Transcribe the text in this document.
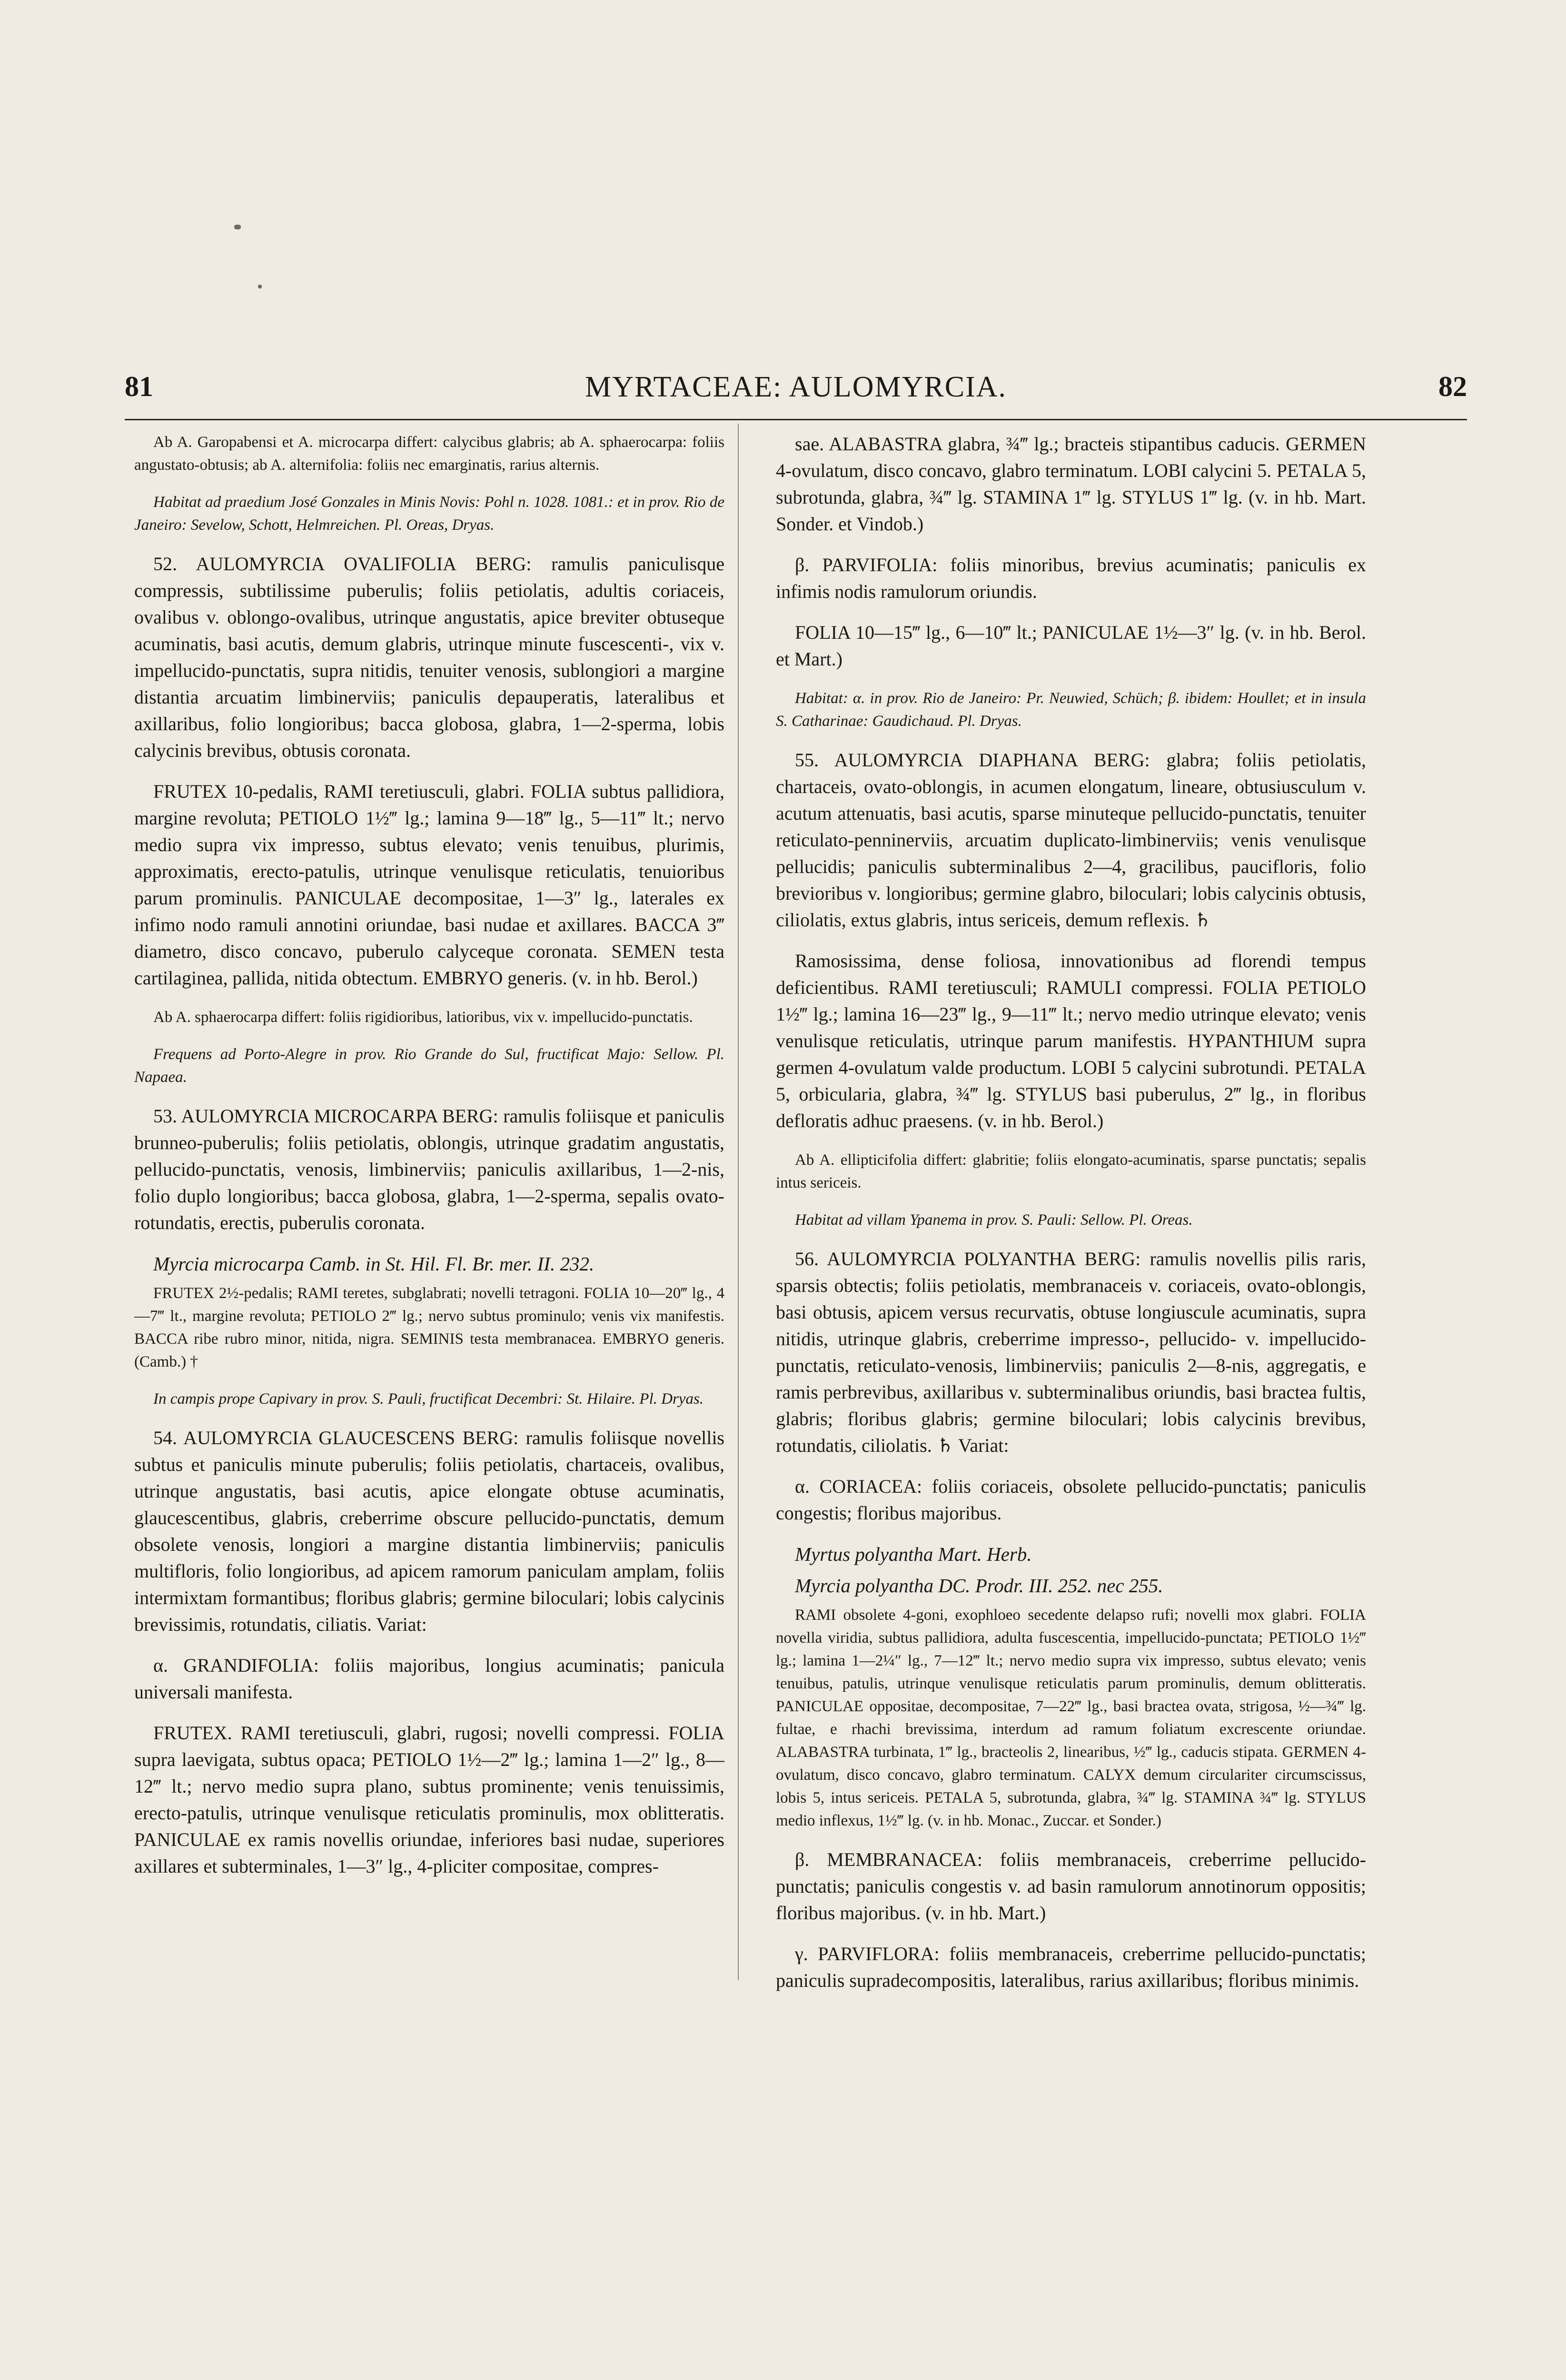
81	MYRTACEAE: AULOMYRCIA.	82

Ab A. Garopabensi et A. microcarpa differt: calycibus glabris; ab A. sphaerocarpa: foliis angustato-obtusis; ab A. alternifolia: foliis nec emarginatis, rarius alternis.

Habitat ad praedium José Gonzales in Minis Novis: Pohl n. 1028. 1081.: et in prov. Rio de Janeiro: Sevelow, Schott, Helmreichen. Pl. Oreas, Dryas.

52. AULOMYRCIA OVALIFOLIA BERG: ramulis paniculisque compressis, subtilissime puberulis; foliis petiolatis, adultis coriaceis, ovalibus v. oblongo-ovalibus, utrinque angustatis, apice breviter obtuseque acuminatis, basi acutis, demum glabris, utrinque minute fuscescenti-, vix v. impellucido-punctatis, supra nitidis, tenuiter venosis, sublongiori a margine distantia arcuatim limbinerviis; paniculis depauperatis, lateralibus et axillaribus, folio longioribus; bacca globosa, glabra, 1—2-sperma, lobis calycinis brevibus, obtusis coronata.

FRUTEX 10-pedalis, RAMI teretiusculi, glabri. FOLIA subtus pallidiora, margine revoluta; PETIOLO 1½‴ lg.; lamina 9—18‴ lg., 5—11‴ lt.; nervo medio supra vix impresso, subtus elevato; venis tenuibus, plurimis, approximatis, erecto-patulis, utrinque venulisque reticulatis, tenuioribus parum prominulis. PANICULAE decompositae, 1—3″ lg., laterales ex infimo nodo ramuli annotini oriundae, basi nudae et axillares. BACCA 3‴ diametro, disco concavo, puberulo calyceque coronata. SEMEN testa cartilaginea, pallida, nitida obtectum. EMBRYO generis. (v. in hb. Berol.)

Ab A. sphaerocarpa differt: foliis rigidioribus, latioribus, vix v. impellucido-punctatis.

Frequens ad Porto-Alegre in prov. Rio Grande do Sul, fructificat Majo: Sellow. Pl. Napaea.

53. AULOMYRCIA MICROCARPA BERG: ramulis foliisque et paniculis brunneo-puberulis; foliis petiolatis, oblongis, utrinque gradatim angustatis, pellucido-punctatis, venosis, limbinerviis; paniculis axillaribus, 1—2-nis, folio duplo longioribus; bacca globosa, glabra, 1—2-sperma, sepalis ovato-rotundatis, erectis, puberulis coronata.

Myrcia microcarpa Camb. in St. Hil. Fl. Br. mer. II. 232.

FRUTEX 2½-pedalis; RAMI teretes, subglabrati; novelli tetragoni. FOLIA 10—20‴ lg., 4—7‴ lt., margine revoluta; PETIOLO 2‴ lg.; nervo subtus prominulo; venis vix manifestis. BACCA ribe rubro minor, nitida, nigra. SEMINIS testa membranacea. EMBRYO generis. (Camb.) †

In campis prope Capivary in prov. S. Pauli, fructificat Decembri: St. Hilaire. Pl. Dryas.

54. AULOMYRCIA GLAUCESCENS BERG: ramulis foliisque novellis subtus et paniculis minute puberulis; foliis petiolatis, chartaceis, ovalibus, utrinque angustatis, basi acutis, apice elongate obtuse acuminatis, glaucescentibus, glabris, creberrime obscure pellucido-punctatis, demum obsolete venosis, longiori a margine distantia limbinerviis; paniculis multifloris, folio longioribus, ad apicem ramorum paniculam amplam, foliis intermixtam formantibus; floribus glabris; germine biloculari; lobis calycinis brevissimis, rotundatis, ciliatis. Variat:

α. GRANDIFOLIA: foliis majoribus, longius acuminatis; panicula universali manifesta.

FRUTEX. RAMI teretiusculi, glabri, rugosi; novelli compressi. FOLIA supra laevigata, subtus opaca; PETIOLO 1½—2‴ lg.; lamina 1—2″ lg., 8—12‴ lt.; nervo medio supra plano, subtus prominente; venis tenuissimis, erecto-patulis, utrinque venulisque reticulatis prominulis, mox oblitteratis. PANICULAE ex ramis novellis oriundae, inferiores basi nudae, superiores axillares et subterminales, 1—3″ lg., 4-pliciter compositae, compres-

sae. ALABASTRA glabra, ¾‴ lg.; bracteis stipantibus caducis. GERMEN 4-ovulatum, disco concavo, glabro terminatum. LOBI calycini 5. PETALA 5, subrotunda, glabra, ¾‴ lg. STAMINA 1‴ lg. STYLUS 1‴ lg. (v. in hb. Mart. Sonder. et Vindob.)

β. PARVIFOLIA: foliis minoribus, brevius acuminatis; paniculis ex infimis nodis ramulorum oriundis.

FOLIA 10—15‴ lg., 6—10‴ lt.; PANICULAE 1½—3″ lg. (v. in hb. Berol. et Mart.)

Habitat: α. in prov. Rio de Janeiro: Pr. Neuwied, Schüch; β. ibidem: Houllet; et in insula S. Catharinae: Gaudichaud. Pl. Dryas.

55. AULOMYRCIA DIAPHANA BERG: glabra; foliis petiolatis, chartaceis, ovato-oblongis, in acumen elongatum, lineare, obtusiusculum v. acutum attenuatis, basi acutis, sparse minuteque pellucido-punctatis, tenuiter reticulato-penninerviis, arcuatim duplicato-limbinerviis; venis venulisque pellucidis; paniculis subterminalibus 2—4, gracilibus, paucifloris, folio brevioribus v. longioribus; germine glabro, biloculari; lobis calycinis obtusis, ciliolatis, extus glabris, intus sericeis, demum reflexis. ♄

Ramosissima, dense foliosa, innovationibus ad florendi tempus deficientibus. RAMI teretiusculi; RAMULI compressi. FOLIA PETIOLO 1½‴ lg.; lamina 16—23‴ lg., 9—11‴ lt.; nervo medio utrinque elevato; venis venulisque reticulatis, utrinque parum manifestis. HYPANTHIUM supra germen 4-ovulatum valde productum. LOBI 5 calycini subrotundi. PETALA 5, orbicularia, glabra, ¾‴ lg. STYLUS basi puberulus, 2‴ lg., in floribus defloratis adhuc praesens. (v. in hb. Berol.)

Ab A. ellipticifolia differt: glabritie; foliis elongato-acuminatis, sparse punctatis; sepalis intus sericeis.

Habitat ad villam Ypanema in prov. S. Pauli: Sellow. Pl. Oreas.

56. AULOMYRCIA POLYANTHA BERG: ramulis novellis pilis raris, sparsis obtectis; foliis petiolatis, membranaceis v. coriaceis, ovato-oblongis, basi obtusis, apicem versus recurvatis, obtuse longiuscule acuminatis, supra nitidis, utrinque glabris, creberrime impresso-, pellucido- v. impellucido-punctatis, reticulato-venosis, limbinerviis; paniculis 2—8-nis, aggregatis, e ramis perbrevibus, axillaribus v. subterminalibus oriundis, basi bractea fultis, glabris; floribus glabris; germine biloculari; lobis calycinis brevibus, rotundatis, ciliolatis. ♄ Variat:

α. CORIACEA: foliis coriaceis, obsolete pellucido-punctatis; paniculis congestis; floribus majoribus.

Myrtus polyantha Mart. Herb.

Myrcia polyantha DC. Prodr. III. 252. nec 255.

RAMI obsolete 4-goni, exophloeo secedente delapso rufi; novelli mox glabri. FOLIA novella viridia, subtus pallidiora, adulta fuscescentia, impellucido-punctata; PETIOLO 1½‴ lg.; lamina 1—2¼″ lg., 7—12‴ lt.; nervo medio supra vix impresso, subtus elevato; venis tenuibus, patulis, utrinque venulisque reticulatis parum prominulis, demum oblitteratis. PANICULAE oppositae, decompositae, 7—22‴ lg., basi bractea ovata, strigosa, ½—¾‴ lg. fultae, e rhachi brevissima, interdum ad ramum foliatum excrescente oriundae. ALABASTRA turbinata, 1‴ lg., bracteolis 2, linearibus, ½‴ lg., caducis stipata. GERMEN 4-ovulatum, disco concavo, glabro terminatum. CALYX demum circulariter circumscissus, lobis 5, intus sericeis. PETALA 5, subrotunda, glabra, ¾‴ lg. STAMINA ¾‴ lg. STYLUS medio inflexus, 1½‴ lg. (v. in hb. Monac., Zuccar. et Sonder.)

β. MEMBRANACEA: foliis membranaceis, creberrime pellucido-punctatis; paniculis congestis v. ad basin ramulorum annotinorum oppositis; floribus majoribus. (v. in hb. Mart.)

γ. PARVIFLORA: foliis membranaceis, creberrime pellucido-punctatis; paniculis supradecompositis, lateralibus, rarius axillaribus; floribus minimis.
